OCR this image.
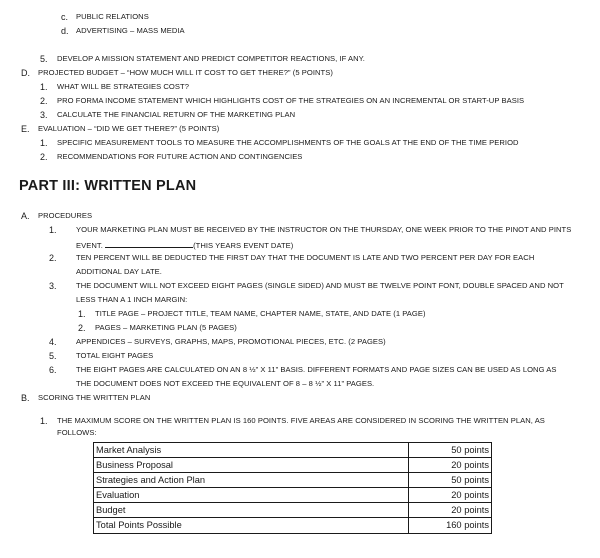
c. PUBLIC RELATIONS
d. ADVERTISING – MASS MEDIA
5. DEVELOP A MISSION STATEMENT AND PREDICT COMPETITOR REACTIONS, IF ANY.
D. PROJECTED BUDGET – “HOW MUCH WILL IT COST TO GET THERE?” (5 POINTS)
1. WHAT WILL BE STRATEGIES COST?
2. PRO FORMA INCOME STATEMENT WHICH HIGHLIGHTS COST OF THE STRATEGIES ON AN INCREMENTAL OR START-UP BASIS
3. CALCULATE THE FINANCIAL RETURN OF THE MARKETING PLAN
E. EVALUATION – “DID WE GET THERE?” (5 POINTS)
1. SPECIFIC MEASUREMENT TOOLS TO MEASURE THE ACCOMPLISHMENTS OF THE GOALS AT THE END OF THE TIME PERIOD
2. RECOMMENDATIONS FOR FUTURE ACTION AND CONTINGENCIES
PART III: WRITTEN PLAN
A. PROCEDURES
1.	YOUR MARKETING PLAN MUST BE RECEIVED BY THE INSTRUCTOR ON THE THURSDAY, ONE WEEK PRIOR TO THE PINOT AND PINTS
EVENT.	(THIS YEARS EVENT DATE)
2.	TEN PERCENT WILL BE DEDUCTED THE FIRST DAY THAT THE DOCUMENT IS LATE AND TWO PERCENT PER DAY FOR EACH
ADDITIONAL DAY LATE.
3.	THE DOCUMENT WILL NOT EXCEED EIGHT PAGES (SINGLE SIDED) AND MUST BE TWELVE POINT FONT, DOUBLE SPACED AND NOT
LESS THAN A 1 INCH MARGIN:
1. TITLE PAGE – PROJECT TITLE, TEAM NAME, CHAPTER NAME, STATE, AND DATE (1 PAGE)
2. PAGES – MARKETING PLAN (5 PAGES)
4.	APPENDICES – SURVEYS, GRAPHS, MAPS, PROMOTIONAL PIECES, ETC. (2 PAGES)
5.	TOTAL EIGHT PAGES
6.	THE EIGHT PAGES ARE CALCULATED ON AN 8 ½” X 11” BASIS. DIFFERENT FORMATS AND PAGE SIZES CAN BE USED AS LONG AS
THE DOCUMENT DOES NOT EXCEED THE EQUIVALENT OF 8 – 8 ½” X 11” PAGES.
B. SCORING THE WRITTEN PLAN
1. THE MAXIMUM SCORE ON THE WRITTEN PLAN IS 160 POINTS. FIVE AREAS ARE CONSIDERED IN SCORING THE WRITTEN PLAN, AS
FOLLOWS:
Market Analysis	50 points
Business Proposal	20 points
Strategies and Action Plan	50 points
Evaluation	20 points
Budget	20 points
Total Points Possible	160 points
